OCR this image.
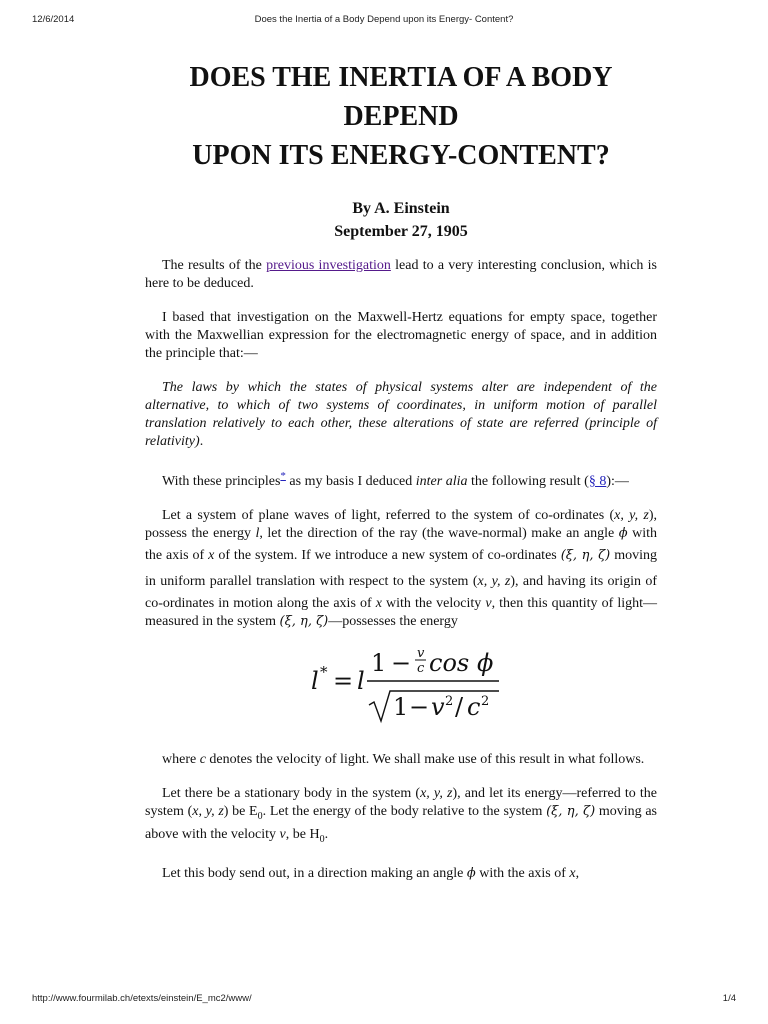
12/6/2014	Does the Inertia of a Body Depend upon its Energy- Content?
DOES THE INERTIA OF A BODY
DEPEND
UPON ITS ENERGY-CONTENT?
By A. Einstein
September 27, 1905

The results of the previous investigation lead to a very interesting conclusion, which is here to be deduced.

I based that investigation on the Maxwell-Hertz equations for empty space, together with the Maxwellian expression for the electromagnetic energy of space, and in addition the principle that:—

The laws by which the states of physical systems alter are independent of the alternative, to which of two systems of coordinates, in uniform motion of parallel translation relatively to each other, these alterations of state are referred (principle of relativity).

With these principles* as my basis I deduced inter alia the following result (§ 8):—

Let a system of plane waves of light, referred to the system of co-ordinates (x, y, z), possess the energy l, let the direction of the ray (the wave-normal) make an angle ϕ with the axis of x of the system. If we introduce a new system of co-ordinates (ξ, η, ζ) moving in uniform parallel translation with respect to the system (x, y, z), and having its origin of co-ordinates in motion along the axis of x with the velocity v, then this quantity of light—measured in the system (ξ, η, ζ)—possesses the energy

l * = l
1 − v
c cos ϕ
1 − v 2 / c 2

where c denotes the velocity of light. We shall make use of this result in what follows.

Let there be a stationary body in the system (x, y, z), and let its energy—referred to the system (x, y, z) be $E_0$. Let the energy of the body relative to the system (ξ, η, ζ) moving as above with the velocity v, be $H_0$.

Let this body send out, in a direction making an angle ϕ with the axis of x,

http://www.fourmilab.ch/etexts/einstein/E_mc2/www/	1/4
